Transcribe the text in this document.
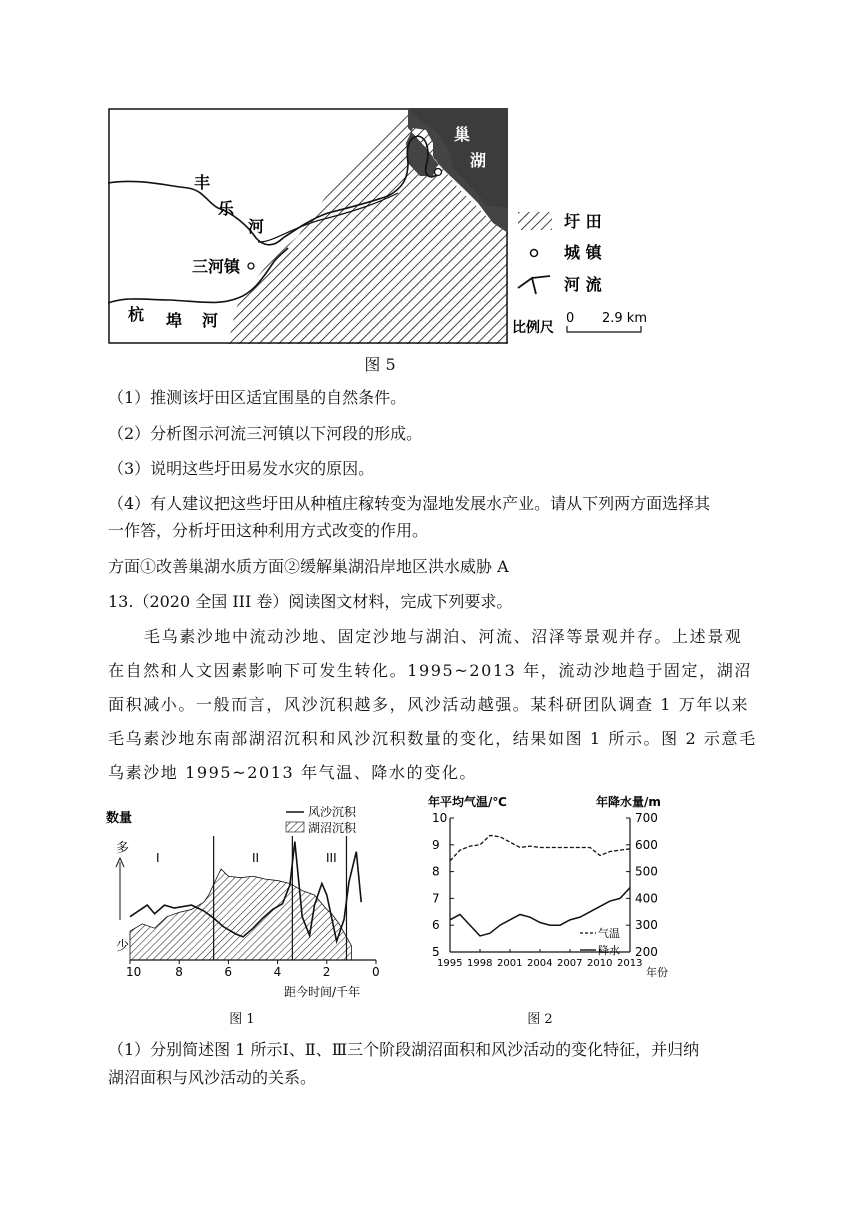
巢
湖
丰
乐
河
三河镇
杭 埠 河
圩 田
城 镇
河 流
比例尺
0 2.9 km
图 5
（1）推测该圩田区适宜围垦的自然条件。
（2）分析图示河流三河镇以下河段的形成。
（3）说明这些圩田易发水灾的原因。
（4）有人建议把这些圩田从种植庄稼转变为湿地发展水产业。请从下列两方面选择其
一作答，分析圩田这种利用方式改变的作用。
方面①改善巢湖水质方面②缓解巢湖沿岸地区洪水威胁 A
13.（2020 全国 III 卷）阅读图文材料，完成下列要求。
毛乌素沙地中流动沙地、固定沙地与湖泊、河流、沼泽等景观并存。上述景观在自然和人文因素影响下可发生转化。1995~2013 年，流动沙地趋于固定，湖沼面积减小。一般而言，风沙沉积越多，风沙活动越强。某科研团队调查 1 万年以来毛乌素沙地东南部湖沼沉积和风沙沉积数量的变化，结果如图 1 所示。图 2 示意毛乌素沙地 1995~2013 年气温、降水的变化。
10	8	6	4	2	0
数量
多
少
风沙沉积
湖沼沉积
I	II	III
距今时间/千年
图 1
10
9
8
7
6
5
700
600
500
400
300
200
1995 1998 2001 2004 2007 2010 2013
年平均气温/℃	年降水量/m
年份
气温
降水
图 2
（1）分别简述图 1 所示Ⅰ、Ⅱ、Ⅲ三个阶段湖沼面积和风沙活动的变化特征，并归纳
湖沼面积与风沙活动的关系。
